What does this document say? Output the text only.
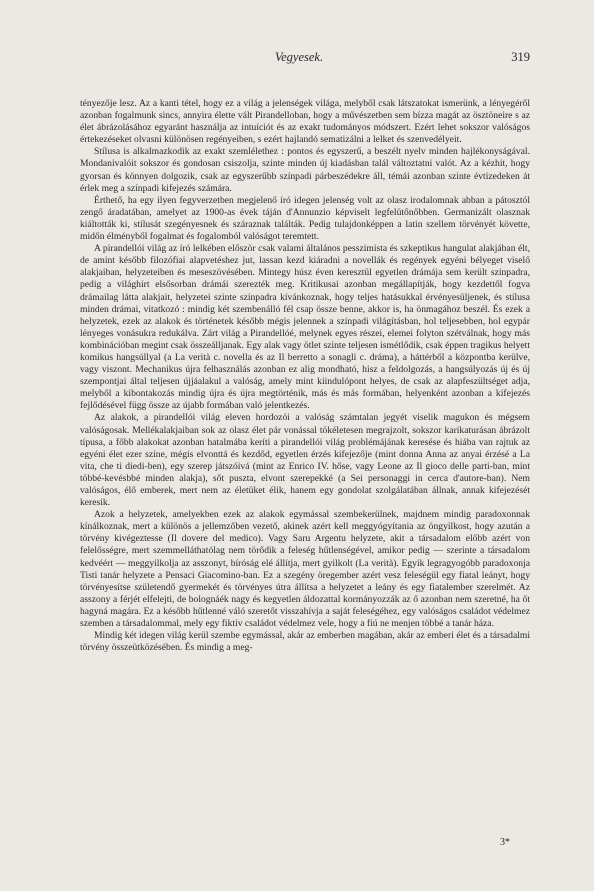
Vegyesek.	319

tényezője lesz. Az a kanti tétel, hogy ez a világ a jelenségek világa, melyből csak látszatokat ismerünk, a lényegéről azonban fogalmunk sincs, annyira élette vált Pirandelloban, hogy a művészetben sem bízza magát az ösztöneire s az élet ábrázolásához egyaránt használja az intuíciót és az exakt tudományos módszert. Ezért lehet sokszor valóságos értekezéseket olvasni különösen regényeiben, s ezért hajlandó sematizálni a lelket és szenvedélyeit.

Stílusa is alkalmazkodik az exakt szemlélethez : pontos és egyszerű, a beszélt nyelv minden hajlékonyságával. Mondanivalóit sokszor és gondosan csiszolja, szinte minden új kiadásban talál változtatni valót. Az a kézhit, hogy gyorsan és könnyen dolgozik, csak az egyszerűbb színpadi párbeszédekre áll, témái azonban szinte évtizedeken át érlek meg a színpadi kifejezés számára.

Érthető, ha egy ilyen fegyverzetben megjelenő író idegen jelenség volt az olasz irodalomnak abban a pátosztól zengő áradatában, amelyet az 1900-as évek táján d'Annunzio képviselt legfelütőnőbben. Germanizált olasznak kiáltották ki, stílusát szegényesnek és száraznak találták. Pedig tulajdonképpen a latin szellem törvényét követte, midőn élményből fogalmat és fogalomból valóságot teremtett.

A pirandellói világ az író lelkében először csak valami általános pesszimista és szkeptikus hangulat alakjában élt, de amint később filozófiai alapvetéshez jut, lassan kezd kiáradni a novellák és regények egyéni bélyeget viselő alakjaiban, helyzeteiben és meseszövésében. Mintegy húsz éven keresztül egyetlen drámája sem került színpadra, pedig a világhírt elsősorban drámái szerezték meg. Kritikusai azonban megállapítják, hogy kezdettől fogva drámailag látta alakjait, helyzetei szinte színpadra kívánkoznak, hogy teljes hatásukkal érvényesüljenek, és stílusa minden drámai, vitatkozó : mindig két szembenálló fél csap össze benne, akkor is, ha önmagához beszél. És ezek a helyzetek, ezek az alakok és történetek később mégis jelennek a színpadi világításban, hol teljesebben, hol egypár lényeges vonásukra redukálva. Zárt világ a Pirandellóé, melynek egyes részei, elemei folyton szétválnak, hogy más kombinációban megint csak összeálljanak. Egy alak vagy ötlet szinte teljesen ismétlődik, csak éppen tragikus helyett komikus hangsúllyal (a La verità c. novella és az Il berretto a sonagli c. dráma), a háttérből a központba kerülve, vagy viszont. Mechanikus újra felhasználás azonban ez alig mondható, hisz a feldolgozás, a hangsúlyozás új és új szempontjai által teljesen újjáalakul a valóság, amely mint kiindulópont helyes, de csak az alapfeszültséget adja, melyből a kibontakozás mindig újra és újra megtörténik, más és más formában, helyenként azonban a kifejezés fejlődésével függ össze az újabb formában való jelentkezés.

Az alakok, a pirandellói világ eleven hordozói a valóság számtalan jegyét viselik magukon és mégsem valóságosak. Mellékalakjaiban sok az olasz élet pár vonással tökéletesen megrajzolt, sokszor karikaturásan ábrázolt típusa, a főbb alakokat azonban hatalmába keríti a pirandellói világ problémájának keresése és hiába van rajtuk az egyéni élet ezer színe, mégis elvonttá és kezdőd, egyetlen érzés kifejezője (mint donna Anna az anyai érzésé a La vita, che ti diedi-ben), egy szerep játszóivá (mint az Enrico IV. hőse, vagy Leone az Il gioco delle parti-ban, mint többé-kevésbbé minden alakja), sőt puszta, elvont szerepekké (a Sei personaggi in cerca d'autore-ban). Nem valóságos, élő emberek, mert nem az életüket élik, hanem egy gondolat szolgálatában állnak, annak kifejezését keresik.

Azok a helyzetek, amelyekben ezek az alakok egymással szembekerülnek, majdnem mindig paradoxonnak kínálkoznak, mert a különös a jellemzőben vezető, akinek azért kell meggyógyítania az öngyilkost, hogy azután a törvény kivégeztesse (Il dovere del medico). Vagy Saru Argentu helyzete, akit a társadalom előbb azért von felelősségre, mert szemmelláthatólag nem törődik a feleség hűtlenségével, amikor pedig — szerinte a társadalom kedvéért — meggyilkolja az asszonyt, bíróság elé állítja, mert gyilkolt (La verità). Egyik legragyogóbb paradoxonja Tisti tanár helyzete a Pensaci Giacomino-ban. Ez a szegény öregember azért vesz feleségül egy fiatal leányt, hogy törvényesítse születendő gyermekét és törvényes útra állítsa a helyzetet a leány és egy fiatalember szerelmét. Az asszony a férjét elfelejti, de bolognáék nagy és kegyetlen áldozattal kormányozzák az ő azonban nem szeretné, ha őt hagyná magára. Ez a később hűtlenné váló szeretőt visszahívja a saját feleségéhez, egy valóságos családot védelmez szemben a társadalommal, mely egy fiktív családot védelmez vele, hogy a fiú ne menjen többé a tanár háza.

Mindig két idegen világ kerül szembe egymással, akár az emberben magában, akár az emberi élet és a társadalmi törvény összeütközésében. És mindig a meg-

3*
